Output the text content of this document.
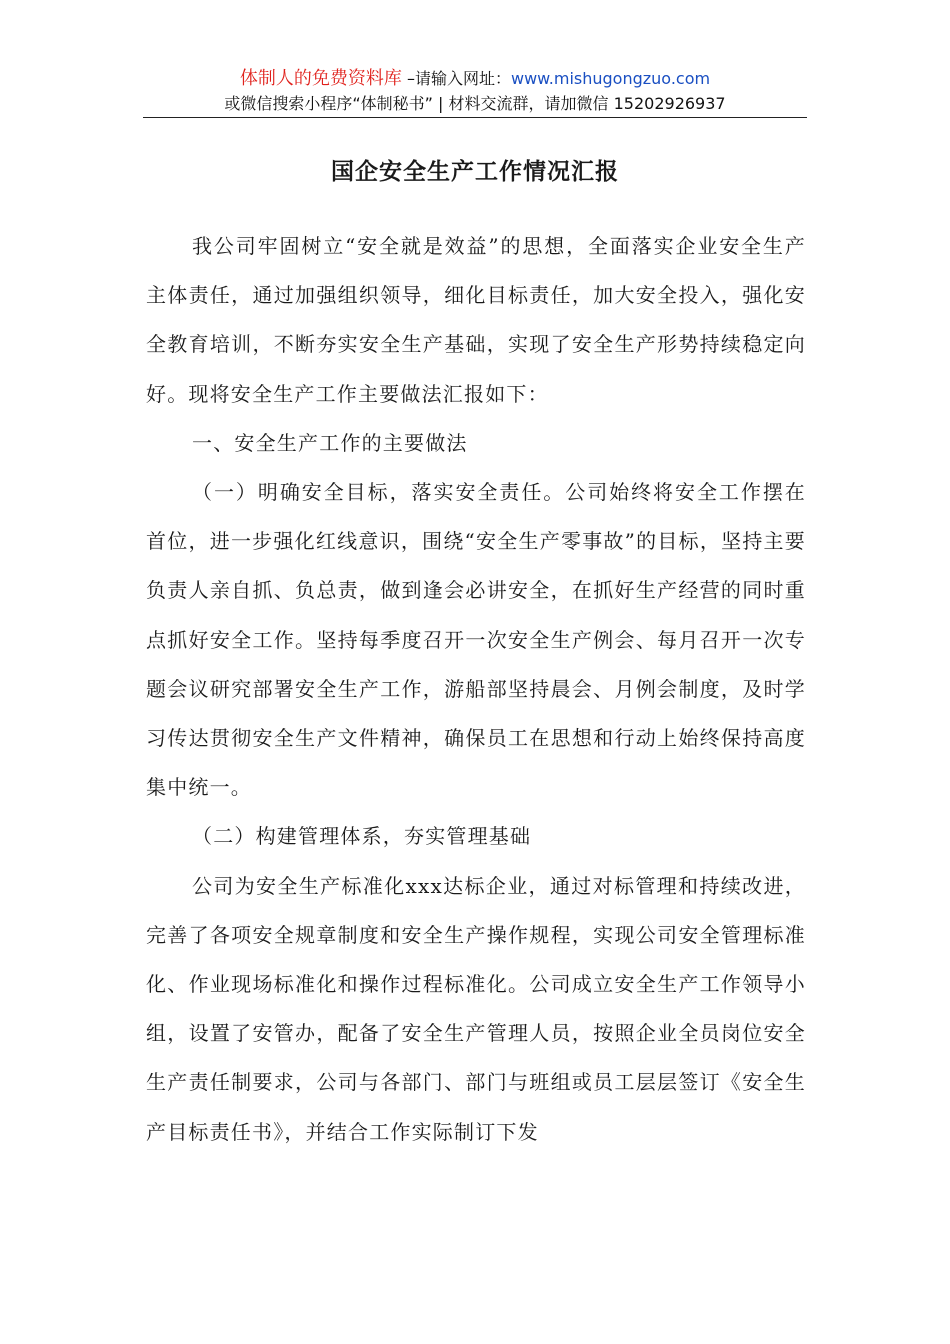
体制人的免费资料库 –请输入网址：www.mishugongzuo.com
或微信搜索小程序“体制秘书” | 材料交流群，请加微信 15202926937
国企安全生产工作情况汇报

我公司牢固树立“安全就是效益”的思想，全面落实企业安全生产主体责任，通过加强组织领导，细化目标责任，加大安全投入，强化安全教育培训，不断夯实安全生产基础，实现了安全生产形势持续稳定向好。现将安全生产工作主要做法汇报如下：

一、安全生产工作的主要做法

（一）明确安全目标，落实安全责任。公司始终将安全工作摆在首位，进一步强化红线意识，围绕“安全生产零事故”的目标，坚持主要负责人亲自抓、负总责，做到逢会必讲安全，在抓好生产经营的同时重点抓好安全工作。坚持每季度召开一次安全生产例会、每月召开一次专题会议研究部署安全生产工作，游船部坚持晨会、月例会制度，及时学习传达贯彻安全生产文件精神，确保员工在思想和行动上始终保持高度集中统一。

（二）构建管理体系，夯实管理基础

公司为安全生产标准化xxx达标企业，通过对标管理和持续改进，完善了各项安全规章制度和安全生产操作规程，实现公司安全管理标准化、作业现场标准化和操作过程标准化。公司成立安全生产工作领导小组，设置了安管办，配备了安全生产管理人员，按照企业全员岗位安全生产责任制要求，公司与各部门、部门与班组或员工层层签订《安全生产目标责任书》，并结合工作实际制订下发
